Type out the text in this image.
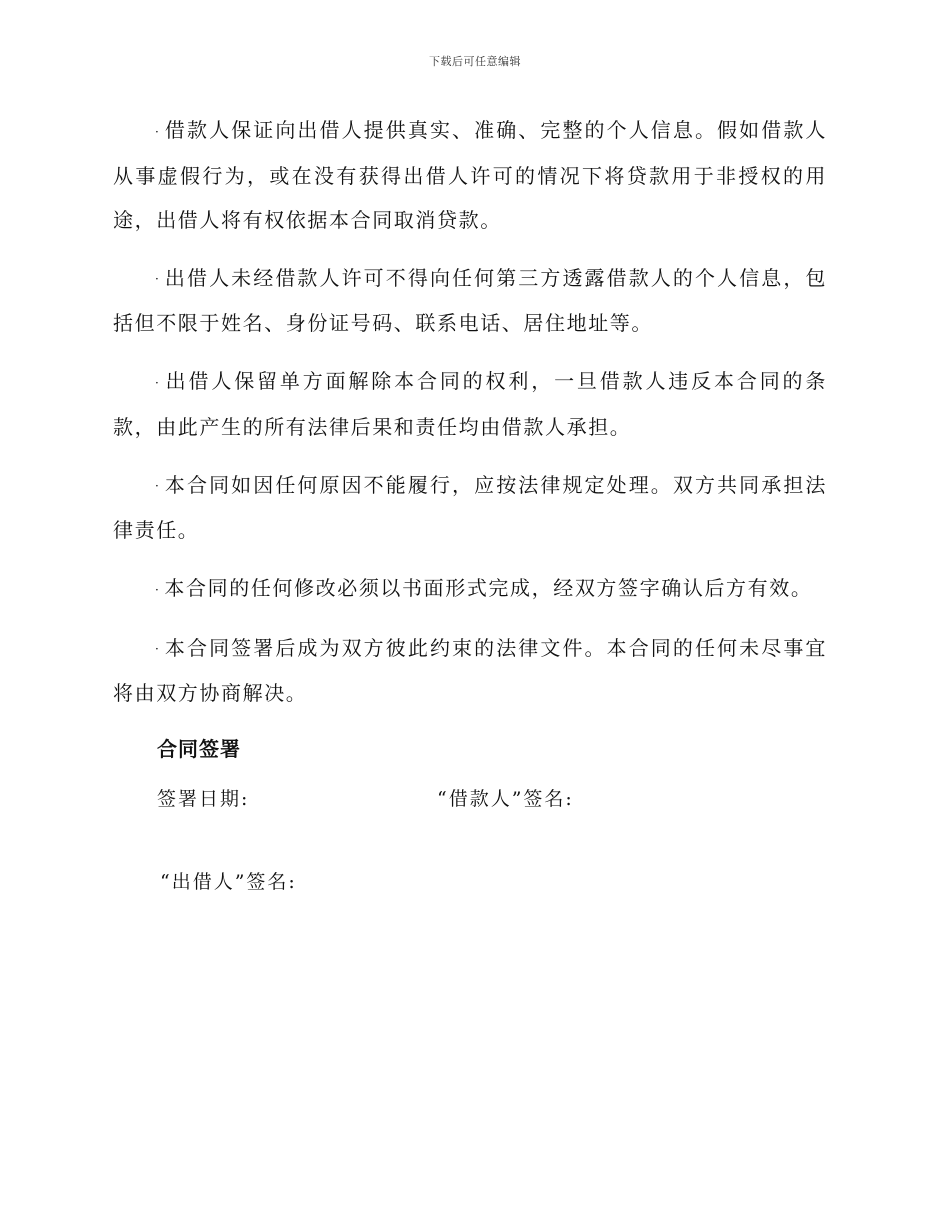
下载后可任意编辑

· 借款人保证向出借人提供真实、准确、完整的个人信息。假如借款人从事虚假行为，或在没有获得出借人许可的情况下将贷款用于非授权的用途，出借人将有权依据本合同取消贷款。

· 出借人未经借款人许可不得向任何第三方透露借款人的个人信息，包括但不限于姓名、身份证号码、联系电话、居住地址等。

· 出借人保留单方面解除本合同的权利，一旦借款人违反本合同的条款，由此产生的所有法律后果和责任均由借款人承担。

· 本合同如因任何原因不能履行，应按法律规定处理。双方共同承担法律责任。

· 本合同的任何修改必须以书面形式完成，经双方签字确认后方有效。

· 本合同签署后成为双方彼此约束的法律文件。本合同的任何未尽事宜将由双方协商解决。

合同签署
签署日期:	“借款人”签名:
“出借人”签名:
